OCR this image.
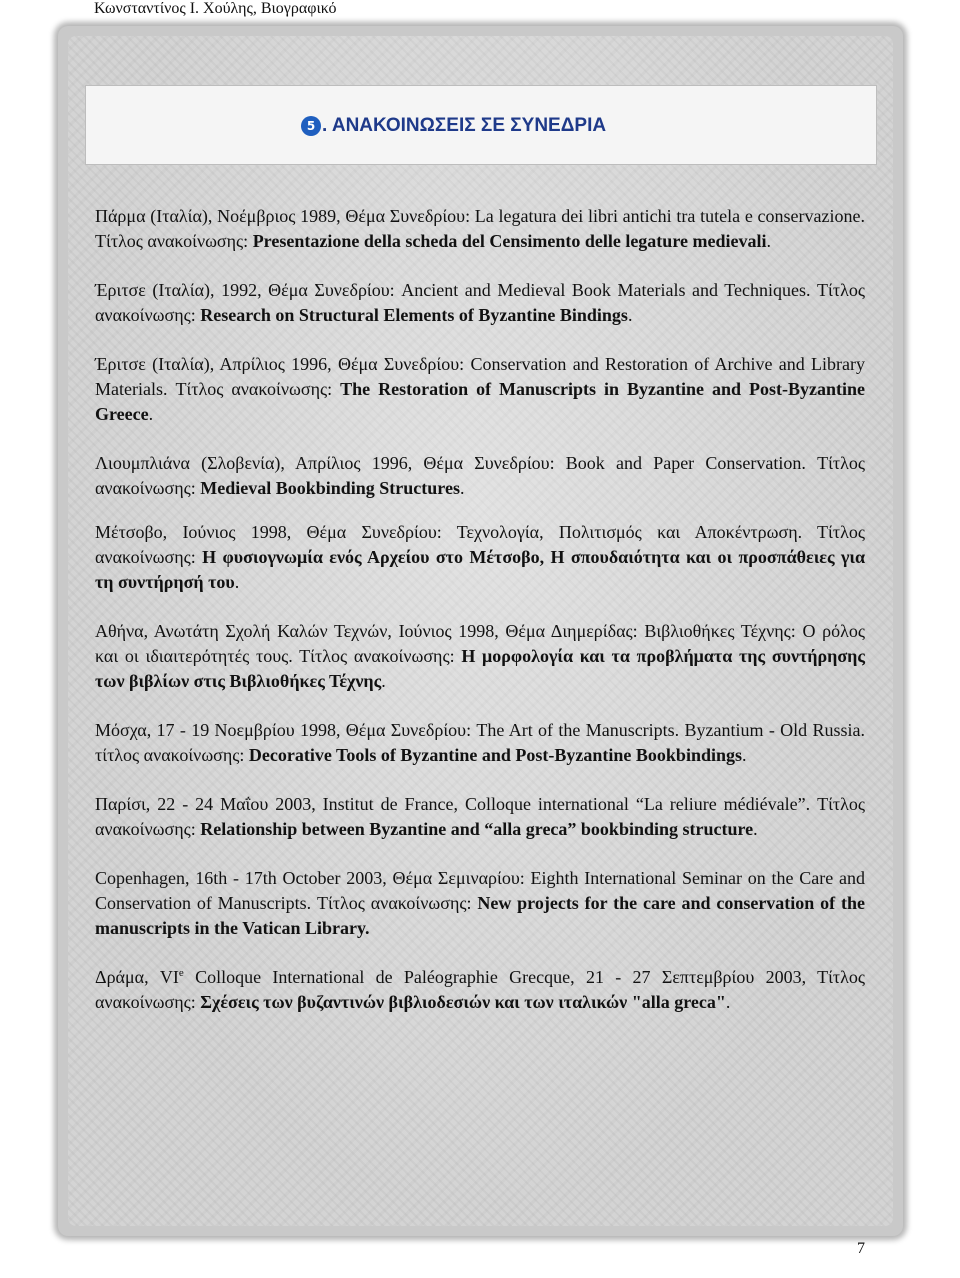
Κωνσταντίνος Ι. Χούλης, Βιογραφικό
5 . ΑΝΑΚΟΙΝΩΣΕΙΣ ΣΕ ΣΥΝΕΔΡΙΑ

Πάρμα (Ιταλία), Νοέμβριος 1989, Θέμα Συνεδρίου: La legatura dei libri antichi tra tutela e conservazione. Τίτλος ανακοίνωσης: Presentazione della scheda del Censimento delle legature medievali.

Έριτσε (Ιταλία), 1992, Θέμα Συνεδρίου: Ancient and Medieval Book Materials and Techniques. Τίτλος ανακοίνωσης: Research on Structural Elements of Byzantine Bindings.

Έριτσε (Ιταλία), Απρίλιος 1996, Θέμα Συνεδρίου: Conservation and Restoration of Archive and Library Materials. Τίτλος ανακοίνωσης: The Restoration of Manuscripts in Byzantine and Post-Byzantine Greece.

Λιουμπλιάνα (Σλοβενία), Απρίλιος 1996, Θέμα Συνεδρίου: Book and Paper Conservation. Τίτλος ανακοίνωσης: Medieval Bookbinding Structures.

Μέτσοβο, Ιούνιος 1998, Θέμα Συνεδρίου: Τεχνολογία, Πολιτισμός και Αποκέντρωση. Τίτλος ανακοίνωσης: Η φυσιογνωμία ενός Αρχείου στο Μέτσοβο, Η σπουδαιότητα και οι προσπάθειες για τη συντήρησή του.

Αθήνα, Ανωτάτη Σχολή Καλών Τεχνών, Ιούνιος 1998, Θέμα Διημερίδας: Βιβλιοθήκες Τέχνης: Ο ρόλος και οι ιδιαιτερότητές τους. Τίτλος ανακοίνωσης: Η μορφολογία και τα προβλήματα της συντήρησης των βιβλίων στις Βιβλιοθήκες Τέχνης.

Μόσχα, 17 - 19 Νοεμβρίου 1998, Θέμα Συνεδρίου: The Art of the Manuscripts. Byzantium - Old Russia. τίτλος ανακοίνωσης: Decorative Tools of Byzantine and Post-Byzantine Bookbindings.

Παρίσι, 22 - 24 Μαΐου 2003, Institut de France, Colloque international “La reliure médiévale”. Τίτλος ανακοίνωσης: Relationship between Byzantine and “alla greca” bookbinding structure.

Copenhagen, 16th - 17th October 2003, Θέμα Σεμιναρίου: Eighth International Seminar on the Care and Conservation of Manuscripts. Τίτλος ανακοίνωσης: New projects for the care and conservation of the manuscripts in the Vatican Library.

Δράμα, VIe Colloque International de Paléographie Grecque, 21 - 27 Σεπτεμβρίου 2003, Τίτλος ανακοίνωσης: Σχέσεις των βυζαντινών βιβλιοδεσιών και των ιταλικών "alla greca".

7
